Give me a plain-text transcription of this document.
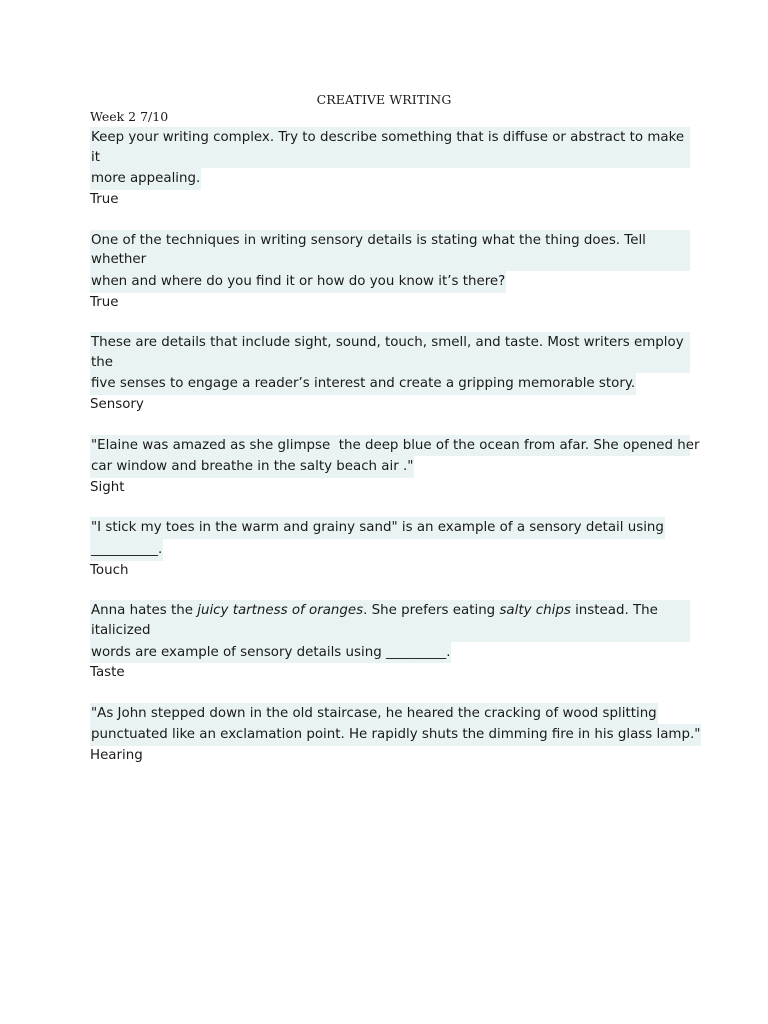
CREATIVE WRITING
Week 2 7/10
Keep your writing complex. Try to describe something that is diffuse or abstract to make it
more appealing.
True
One of the techniques in writing sensory details is stating what the thing does. Tell whether
when and where do you find it or how do you know it’s there?
True
These are details that include sight, sound, touch, smell, and taste. Most writers employ the
five senses to engage a reader’s interest and create a gripping memorable story.
Sensory
"Elaine was amazed as she glimpse  the deep blue of the ocean from afar. She opened her
car window and breathe in the salty beach air ."
Sight
"I stick my toes in the warm and grainy sand" is an example of a sensory detail using
__________.
Touch
Anna hates the juicy tartness of oranges. She prefers eating salty chips instead. The italicized
words are example of sensory details using _________.
Taste
"As John stepped down in the old staircase, he heared the cracking of wood splitting
punctuated like an exclamation point. He rapidly shuts the dimming fire in his glass lamp."
Hearing
